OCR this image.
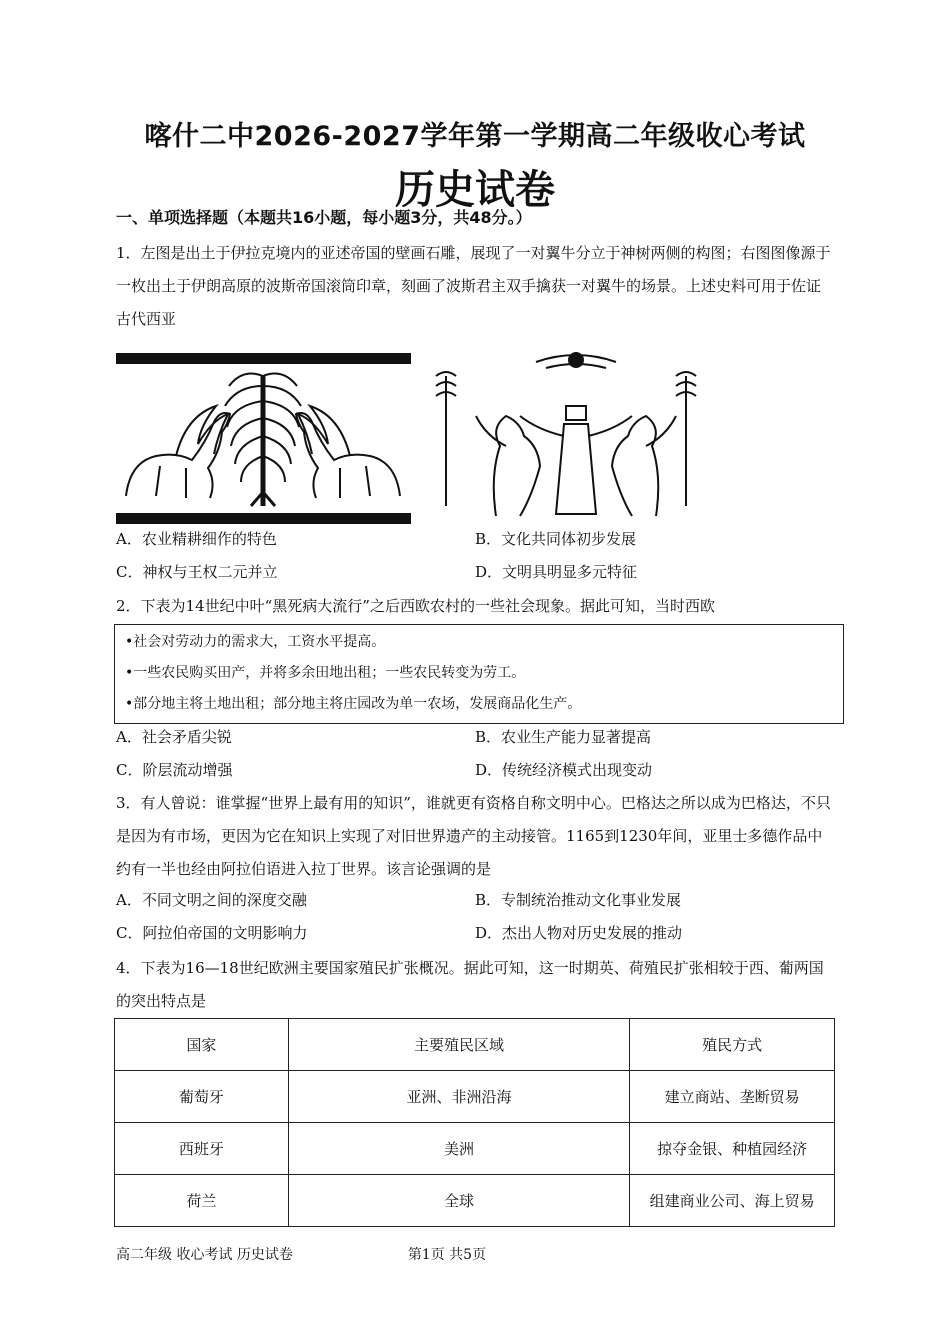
喀什二中2026-2027学年第一学期高二年级收心考试
历史试卷
一、单项选择题（本题共16小题，每小题3分，共48分。）
1．左图是出土于伊拉克境内的亚述帝国的壁画石雕，展现了一对翼牛分立于神树两侧的构图；右图图像源于一枚出土于伊朗高原的波斯帝国滚筒印章，刻画了波斯君主双手擒获一对翼牛的场景。上述史料可用于佐证古代西亚
A．农业精耕细作的特色	B．文化共同体初步发展
C．神权与王权二元并立	D．文明具明显多元特征
2．下表为14世纪中叶“黑死病大流行”之后西欧农村的一些社会现象。据此可知，当时西欧
•社会对劳动力的需求大，工资水平提高。
•一些农民购买田产，并将多余田地出租；一些农民转变为劳工。
•部分地主将土地出租；部分地主将庄园改为单一农场，发展商品化生产。
A．社会矛盾尖锐	B．农业生产能力显著提高
C．阶层流动增强	D．传统经济模式出现变动
3．有人曾说：谁掌握“世界上最有用的知识”，谁就更有资格自称文明中心。巴格达之所以成为巴格达，不只是因为有市场，更因为它在知识上实现了对旧世界遗产的主动接管。1165到1230年间，亚里士多德作品中约有一半也经由阿拉伯语进入拉丁世界。该言论强调的是
A．不同文明之间的深度交融	B．专制统治推动文化事业发展
C．阿拉伯帝国的文明影响力	D．杰出人物对历史发展的推动
4．下表为16—18世纪欧洲主要国家殖民扩张概况。据此可知，这一时期英、荷殖民扩张相较于西、葡两国的突出特点是
国家	主要殖民区域	殖民方式
葡萄牙	亚洲、非洲沿海	建立商站、垄断贸易
西班牙	美洲	掠夺金银、种植园经济
荷兰	全球	组建商业公司、海上贸易
高二年级 收心考试 历史试卷	第1页 共5页
